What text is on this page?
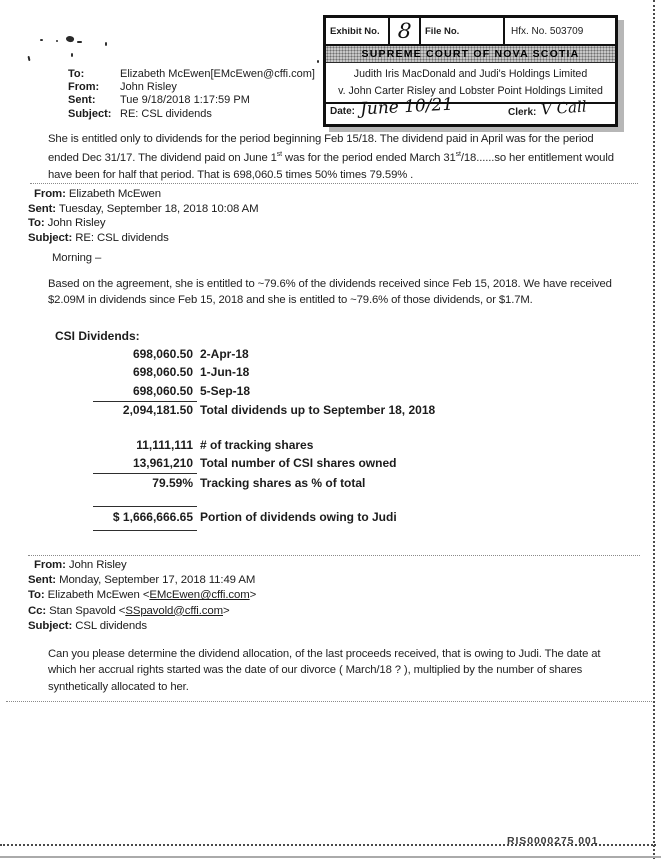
Exhibit No. 8	File No.	Hfx. No. 503709
SUPREME COURT OF NOVA SCOTIA
Judith Iris MacDonald and Judi's Holdings Limited
v. John Carter Risley and Lobster Point Holdings Limited
Date: June 10/21	Clerk: V Call
To:	Elizabeth McEwen[EMcEwen@cffi.com]
From:	John Risley
Sent:	Tue 9/18/2018 1:17:59 PM
Subject: RE: CSL dividends
She is entitled only to dividends for the period beginning Feb 15/18. The dividend paid in April was for the period ended Dec 31/17. The dividend paid on June 1st was for the period ended March 31st/18......so her entitlement would have been for half that period. That is 698,060.5 times 50% times 79.59% .
From: Elizabeth McEwen
Sent: Tuesday, September 18, 2018 10:08 AM
To: John Risley
Subject: RE: CSL dividends
Morning –
Based on the agreement, she is entitled to ~79.6% of the dividends received since Feb 15, 2018. We have received $2.09M in dividends since Feb 15, 2018 and she is entitled to ~79.6% of those dividends, or $1.7M.
CSI Dividends:
698,060.50 2-Apr-18
698,060.50 1-Jun-18
698,060.50 5-Sep-18
2,094,181.50 Total dividends up to September 18, 2018
11,111,111 # of tracking shares
13,961,210 Total number of CSI shares owned
79.59% Tracking shares as % of total
$ 1,666,666.65 Portion of dividends owing to Judi
From: John Risley
Sent: Monday, September 17, 2018 11:49 AM
To: Elizabeth McEwen <EMcEwen@cffi.com>
Cc: Stan Spavold <SSpavold@cffi.com>
Subject: CSL dividends
Can you please determine the dividend allocation, of the last proceeds received, that is owing to Judi. The date at which her accrual rights started was the date of our divorce ( March/18 ? ), multiplied by the number of shares synthetically allocated to her.
RIS0000275 001
